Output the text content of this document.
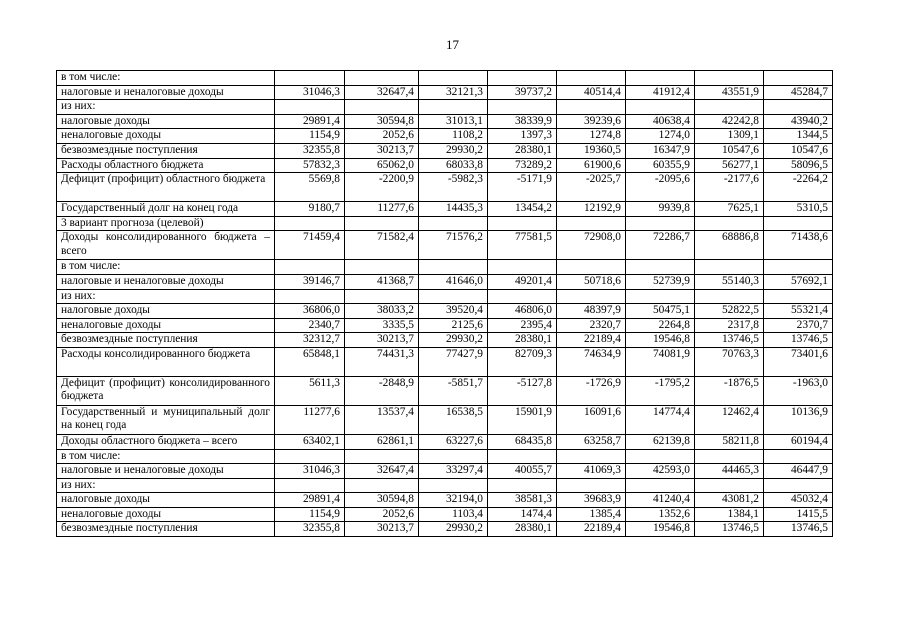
17
в том числе:								
налоговые и неналоговые доходы	31046,3	32647,4	32121,3	39737,2	40514,4	41912,4	43551,9	45284,7
из них:								
налоговые доходы	29891,4	30594,8	31013,1	38339,9	39239,6	40638,4	42242,8	43940,2
неналоговые доходы	1154,9	2052,6	1108,2	1397,3	1274,8	1274,0	1309,1	1344,5
безвозмездные поступления	32355,8	30213,7	29930,2	28380,1	19360,5	16347,9	10547,6	10547,6
Расходы областного бюджета	57832,3	65062,0	68033,8	73289,2	61900,6	60355,9	56277,1	58096,5
Дефицит (профицит) областного бюджета	5569,8	-2200,9	-5982,3	-5171,9	-2025,7	-2095,6	-2177,6	-2264,2
Государственный долг на конец года	9180,7	11277,6	14435,3	13454,2	12192,9	9939,8	7625,1	5310,5
3 вариант прогноза (целевой)								
Доходы консолидированного бюджета – всего	71459,4	71582,4	71576,2	77581,5	72908,0	72286,7	68886,8	71438,6
в том числе:								
налоговые и неналоговые доходы	39146,7	41368,7	41646,0	49201,4	50718,6	52739,9	55140,3	57692,1
из них:								
налоговые доходы	36806,0	38033,2	39520,4	46806,0	48397,9	50475,1	52822,5	55321,4
неналоговые доходы	2340,7	3335,5	2125,6	2395,4	2320,7	2264,8	2317,8	2370,7
безвозмездные поступления	32312,7	30213,7	29930,2	28380,1	22189,4	19546,8	13746,5	13746,5
Расходы консолидированного бюджета	65848,1	74431,3	77427,9	82709,3	74634,9	74081,9	70763,3	73401,6
Дефицит (профицит) консолидированного бюджета	5611,3	-2848,9	-5851,7	-5127,8	-1726,9	-1795,2	-1876,5	-1963,0
Государственный и муниципальный долг на конец года	11277,6	13537,4	16538,5	15901,9	16091,6	14774,4	12462,4	10136,9
Доходы областного бюджета – всего	63402,1	62861,1	63227,6	68435,8	63258,7	62139,8	58211,8	60194,4
в том числе:								
налоговые и неналоговые доходы	31046,3	32647,4	33297,4	40055,7	41069,3	42593,0	44465,3	46447,9
из них:								
налоговые доходы	29891,4	30594,8	32194,0	38581,3	39683,9	41240,4	43081,2	45032,4
неналоговые доходы	1154,9	2052,6	1103,4	1474,4	1385,4	1352,6	1384,1	1415,5
безвозмездные поступления	32355,8	30213,7	29930,2	28380,1	22189,4	19546,8	13746,5	13746,5
